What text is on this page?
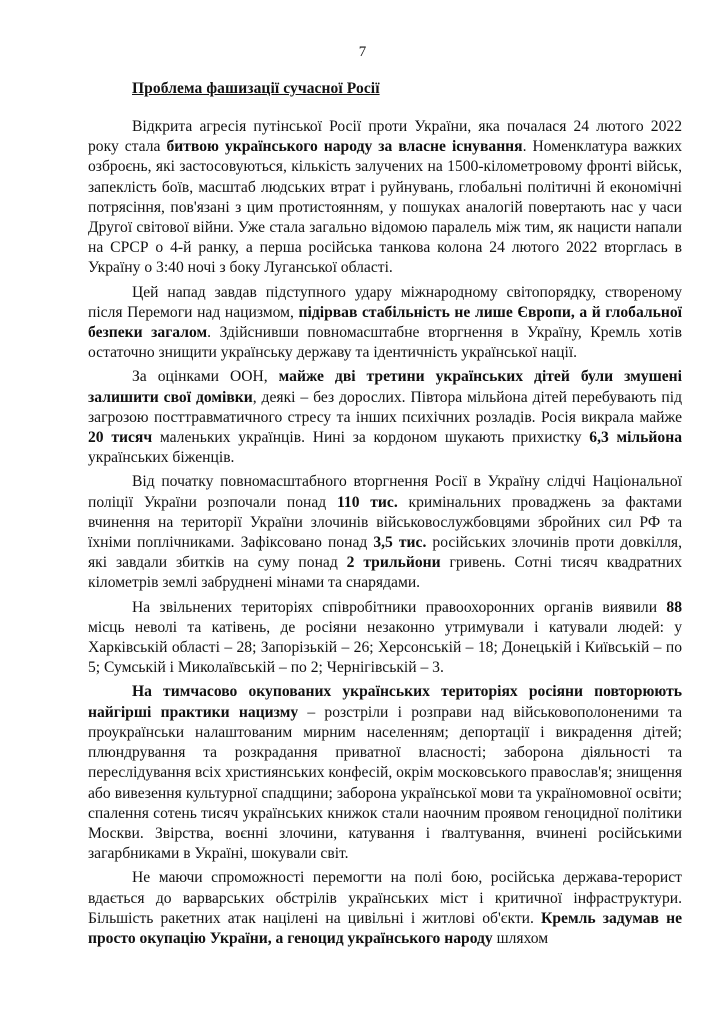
7
Проблема фашизації сучасної Росії

Відкрита агресія путінської Росії проти України, яка почалася 24 лютого 2022 року стала битвою українського народу за власне існування. Номенклатура важких озброєнь, які застосовуються, кількість залучених на 1500-кілометровому фронті військ, запеклість боїв, масштаб людських втрат і руйнувань, глобальні політичні й економічні потрясіння, пов'язані з цим протистоянням, у пошуках аналогій повертають нас у часи Другої світової війни. Уже стала загально відомою паралель між тим, як нацисти напали на СРСР о 4-й ранку, а перша російська танкова колона 24 лютого 2022 вторглась в Україну о 3:40 ночі з боку Луганської області.

Цей напад завдав підступного удару міжнародному світопорядку, створеному після Перемоги над нацизмом, підірвав стабільність не лише Європи, а й глобальної безпеки загалом. Здійснивши повномасштабне вторгнення в Україну, Кремль хотів остаточно знищити українську державу та ідентичність української нації.

За оцінками ООН, майже дві третини українських дітей були змушені залишити свої домівки, деякі – без дорослих. Півтора мільйона дітей перебувають під загрозою посттравматичного стресу та інших психічних розладів. Росія викрала майже 20 тисяч маленьких українців. Нині за кордоном шукають прихистку 6,3 мільйона українських біженців.

Від початку повномасштабного вторгнення Росії в Україну слідчі Національної поліції України розпочали понад 110 тис. кримінальних проваджень за фактами вчинення на території України злочинів військовослужбовцями збройних сил РФ та їхніми поплічниками. Зафіксовано понад 3,5 тис. російських злочинів проти довкілля, які завдали збитків на суму понад 2 трильйони гривень. Сотні тисяч квадратних кілометрів землі забруднені мінами та снарядами.

На звільнених територіях співробітники правоохоронних органів виявили 88 місць неволі та катівень, де росіяни незаконно утримували і катували людей: у Харківській області – 28; Запорізькій – 26; Херсонській – 18; Донецькій і Київській – по 5; Сумській і Миколаївській – по 2; Чернігівській – 3.

На тимчасово окупованих українських територіях росіяни повторюють найгірші практики нацизму – розстріли і розправи над військовополоненими та проукраїнськи налаштованим мирним населенням; депортації і викрадення дітей; плюндрування та розкрадання приватної власності; заборона діяльності та переслідування всіх християнських конфесій, окрім московського православ'я; знищення або вивезення культурної спадщини; заборона української мови та україномовної освіти; спалення сотень тисяч українських книжок стали наочним проявом геноцидної політики Москви. Звірства, воєнні злочини, катування і ґвалтування, вчинені російськими загарбниками в Україні, шокували світ.

Не маючи спроможності перемогти на полі бою, російська держава-терорист вдається до варварських обстрілів українських міст і критичної інфраструктури. Більшість ракетних атак націлені на цивільні і житлові об'єкти. Кремль задумав не просто окупацію України, а геноцид українського народу шляхом
